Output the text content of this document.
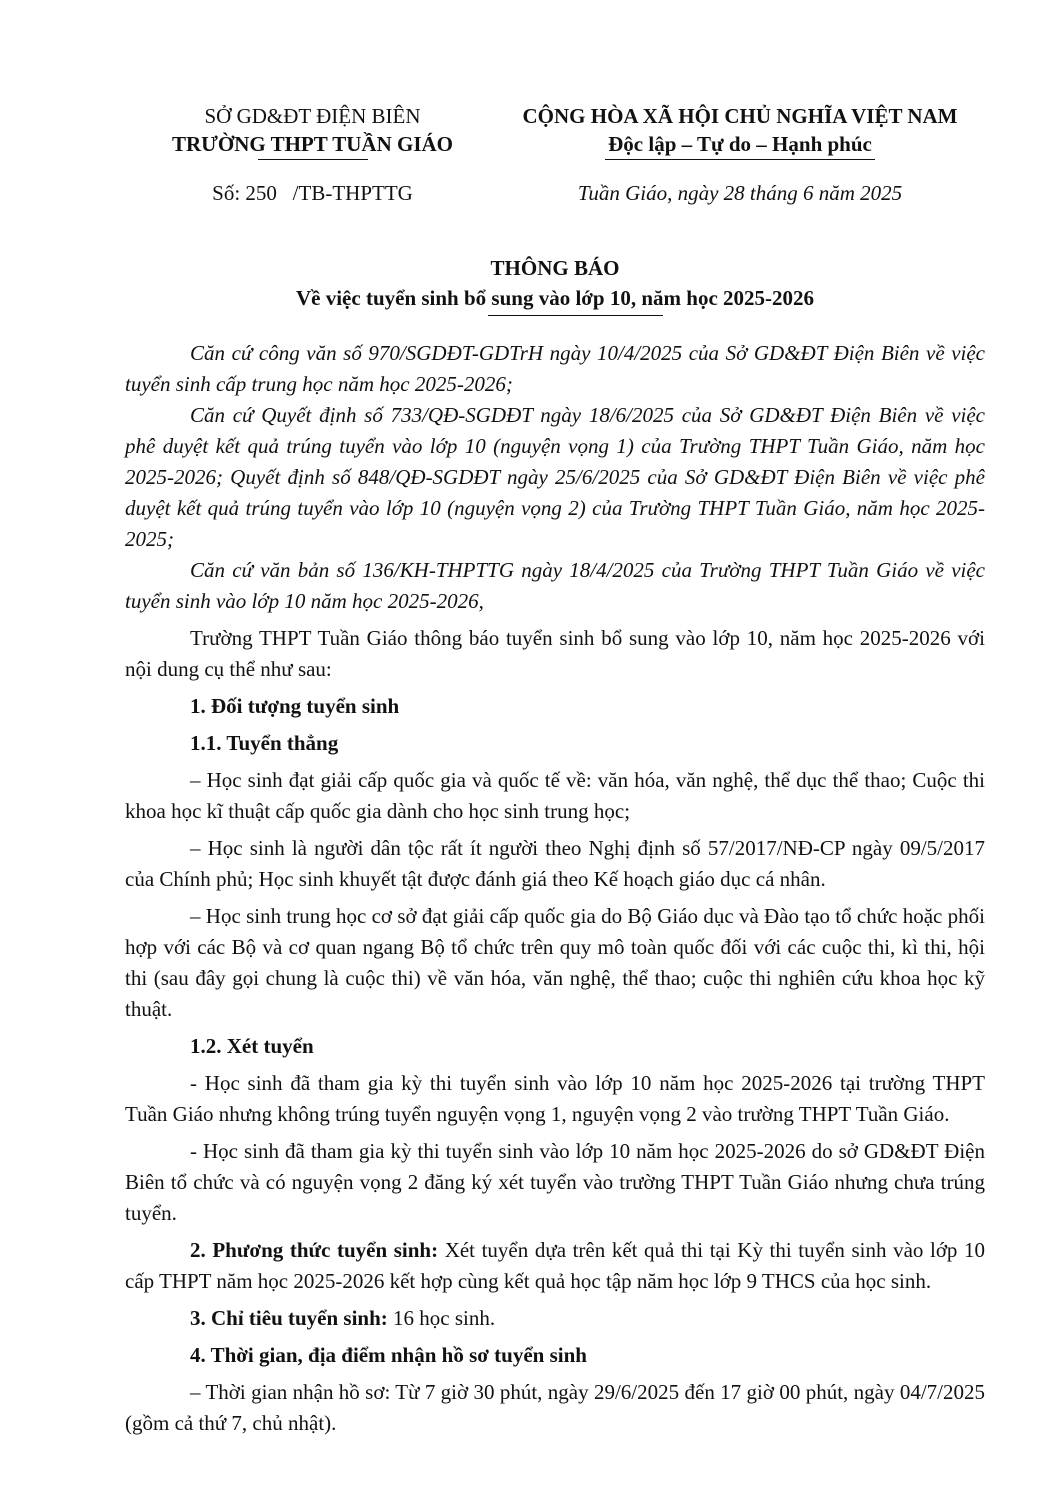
SỞ GD&ĐT ĐIỆN BIÊN
TRƯỜNG THPT TUẦN GIÁO
CỘNG HÒA XÃ HỘI CHỦ NGHĨA VIỆT NAM
Độc lập – Tự do – Hạnh phúc
Số: 250   /TB-THPTTG	Tuần Giáo, ngày 28 tháng 6 năm 2025
THÔNG BÁO
Về việc tuyển sinh bổ sung vào lớp 10, năm học 2025-2026

Căn cứ công văn số 970/SGDĐT-GDTrH ngày 10/4/2025 của Sở GD&ĐT Điện Biên về việc tuyển sinh cấp trung học năm học 2025-2026;

Căn cứ Quyết định số 733/QĐ-SGDĐT ngày 18/6/2025 của Sở GD&ĐT Điện Biên về việc phê duyệt kết quả trúng tuyển vào lớp 10 (nguyện vọng 1) của Trường THPT Tuần Giáo, năm học 2025-2026; Quyết định số 848/QĐ-SGDĐT ngày 25/6/2025 của Sở GD&ĐT Điện Biên về việc phê duyệt kết quả trúng tuyển vào lớp 10 (nguyện vọng 2) của Trường THPT Tuần Giáo, năm học 2025-2025;

Căn cứ văn bản số 136/KH-THPTTG ngày 18/4/2025 của Trường THPT Tuần Giáo về việc tuyển sinh vào lớp 10 năm học 2025-2026,

Trường THPT Tuần Giáo thông báo tuyển sinh bổ sung vào lớp 10, năm học 2025-2026 với nội dung cụ thể như sau:

1. Đối tượng tuyển sinh

1.1. Tuyển thẳng

– Học sinh đạt giải cấp quốc gia và quốc tế về: văn hóa, văn nghệ, thể dục thể thao; Cuộc thi khoa học kĩ thuật cấp quốc gia dành cho học sinh trung học;

– Học sinh là người dân tộc rất ít người theo Nghị định số 57/2017/NĐ-CP ngày 09/5/2017 của Chính phủ; Học sinh khuyết tật được đánh giá theo Kế hoạch giáo dục cá nhân.

– Học sinh trung học cơ sở đạt giải cấp quốc gia do Bộ Giáo dục và Đào tạo tổ chức hoặc phối hợp với các Bộ và cơ quan ngang Bộ tổ chức trên quy mô toàn quốc đối với các cuộc thi, kì thi, hội thi (sau đây gọi chung là cuộc thi) về văn hóa, văn nghệ, thể thao; cuộc thi nghiên cứu khoa học kỹ thuật.

1.2. Xét tuyển

- Học sinh đã tham gia kỳ thi tuyển sinh vào lớp 10 năm học 2025-2026 tại trường THPT Tuần Giáo nhưng không trúng tuyển nguyện vọng 1, nguyện vọng 2 vào trường THPT Tuần Giáo.

- Học sinh đã tham gia kỳ thi tuyển sinh vào lớp 10 năm học 2025-2026 do sở GD&ĐT Điện Biên tổ chức và có nguyện vọng 2 đăng ký xét tuyển vào trường THPT Tuần Giáo nhưng chưa trúng tuyển.

2. Phương thức tuyển sinh: Xét tuyển dựa trên kết quả thi tại Kỳ thi tuyển sinh vào lớp 10 cấp THPT năm học 2025-2026 kết hợp cùng kết quả học tập năm học lớp 9 THCS của học sinh.

3. Chỉ tiêu tuyển sinh: 16 học sinh.

4. Thời gian, địa điểm nhận hồ sơ tuyển sinh

– Thời gian nhận hồ sơ: Từ 7 giờ 30 phút, ngày 29/6/2025 đến 17 giờ 00 phút, ngày 04/7/2025 (gồm cả thứ 7, chủ nhật).
